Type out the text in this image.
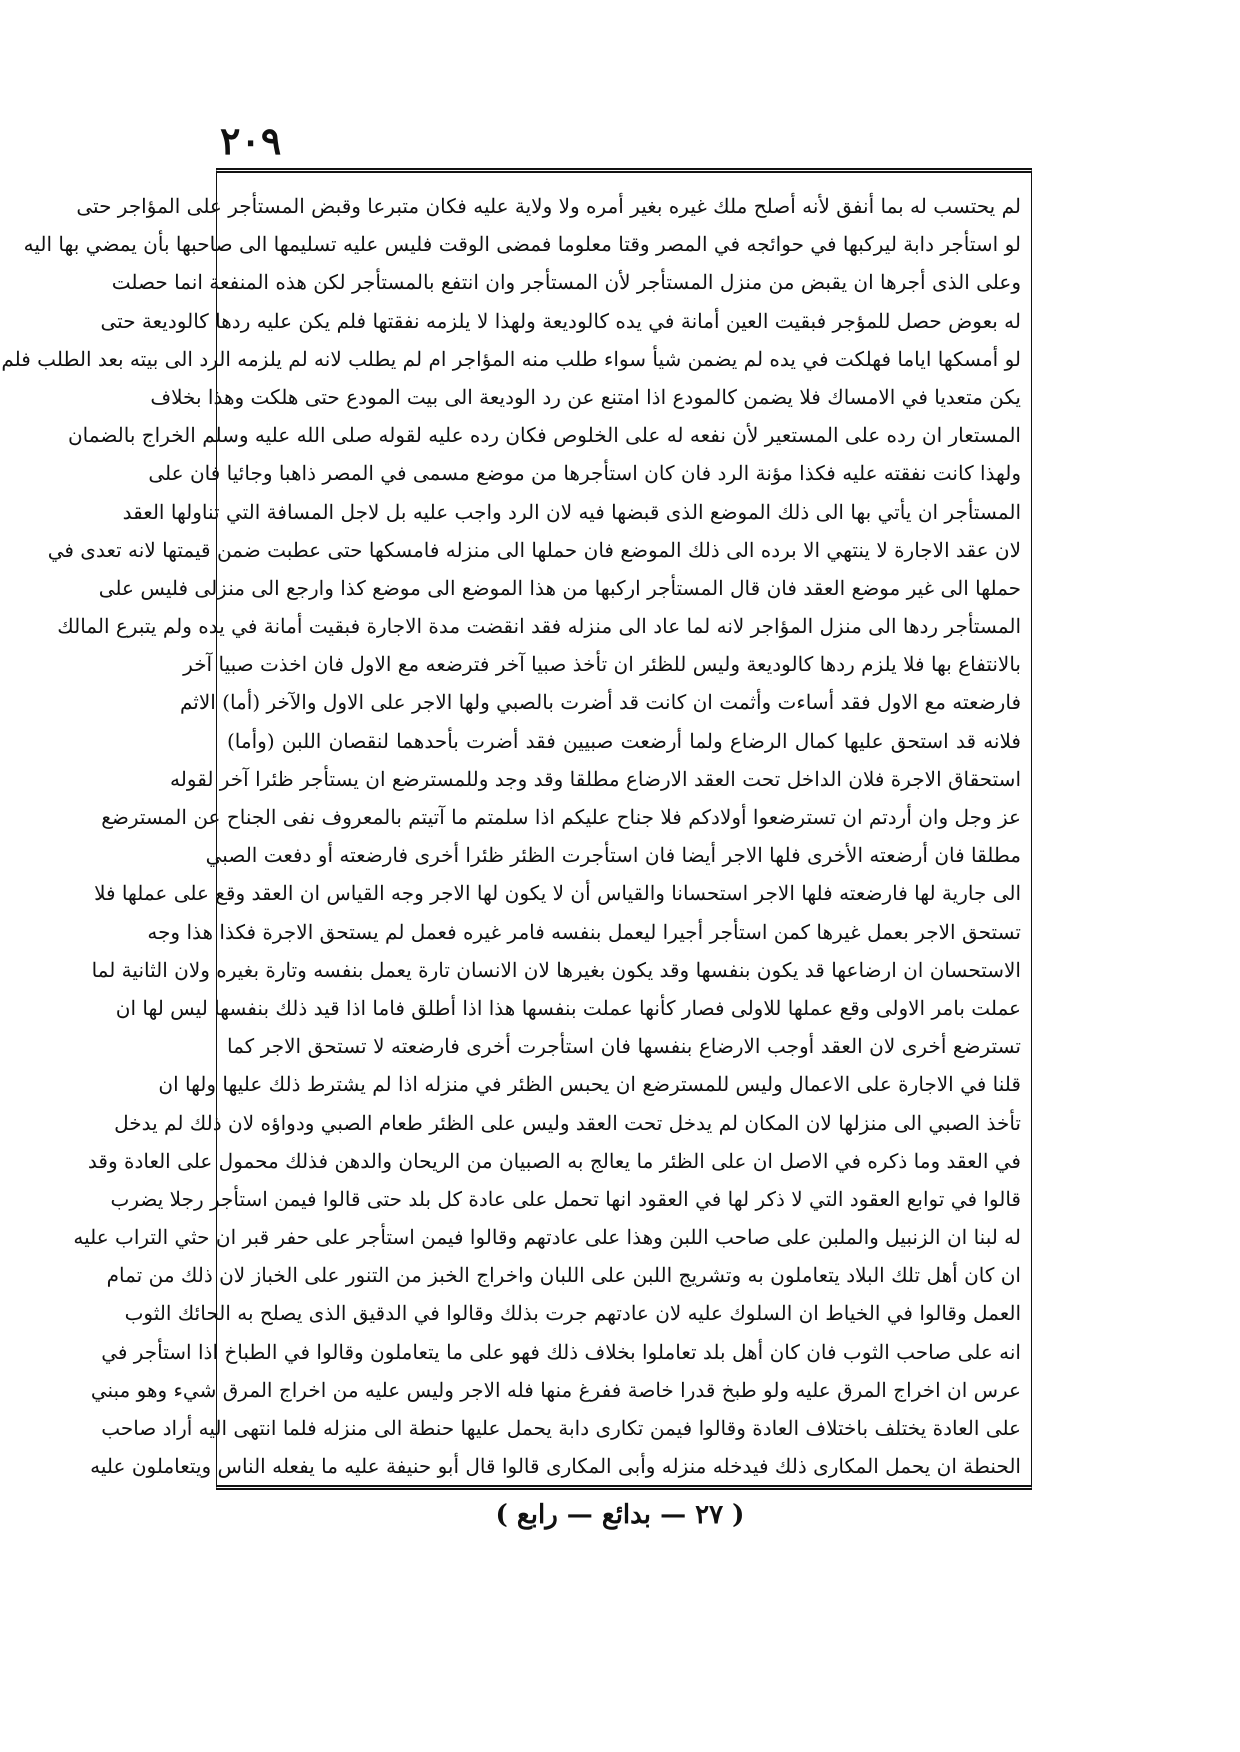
٢٠٩
لم يحتسب له بما أنفق لأنه أصلح ملك غيره بغير أمره ولا ولاية عليه فكان متبرعا وقبض المستأجر على المؤاجر حتى
لو استأجر دابة ليركبها في حوائجه في المصر وقتا معلوما فمضى الوقت فليس عليه تسليمها الى صاحبها بأن يمضي بها اليه
وعلى الذى أجرها ان يقبض من منزل المستأجر لأن المستأجر وان انتفع بالمستأجر لكن هذه المنفعة انما حصلت
له بعوض حصل للمؤجر فبقيت العين أمانة في يده كالوديعة ولهذا لا يلزمه نفقتها فلم يكن عليه ردها كالوديعة حتى
لو أمسكها اياما فهلكت في يده لم يضمن شيأ سواء طلب منه المؤاجر ام لم يطلب لانه لم يلزمه الرد الى بيته بعد الطلب فلم
يكن متعديا في الامساك فلا يضمن كالمودع اذا امتنع عن رد الوديعة الى بيت المودع حتى هلكت وهذا بخلاف
المستعار ان رده على المستعير لأن نفعه له على الخلوص فكان رده عليه لقوله صلى الله عليه وسلم الخراج بالضمان
ولهذا كانت نفقته عليه فكذا مؤنة الرد فان كان استأجرها من موضع مسمى في المصر ذاهبا وجائيا فان على
المستأجر ان يأتي بها الى ذلك الموضع الذى قبضها فيه لان الرد واجب عليه بل لاجل المسافة التي تناولها العقد
لان عقد الاجارة لا ينتهي الا برده الى ذلك الموضع فان حملها الى منزله فامسكها حتى عطبت ضمن قيمتها لانه تعدى في
حملها الى غير موضع العقد فان قال المستأجر اركبها من هذا الموضع الى موضع كذا وارجع الى منزلى فليس على
المستأجر ردها الى منزل المؤاجر لانه لما عاد الى منزله فقد انقضت مدة الاجارة فبقيت أمانة في يده ولم يتبرع المالك
بالانتفاع بها فلا يلزم ردها كالوديعة وليس للظئر ان تأخذ صبيا آخر فترضعه مع الاول فان اخذت صبيا آخر
فارضعته مع الاول فقد أساءت وأثمت ان كانت قد أضرت بالصبي ولها الاجر على الاول والآخر (أما) الاثم
فلانه قد استحق عليها كمال الرضاع ولما أرضعت صبيين فقد أضرت بأحدهما لنقصان اللبن (وأما)
استحقاق الاجرة فلان الداخل تحت العقد الارضاع مطلقا وقد وجد وللمسترضع ان يستأجر ظئرا آخر لقوله
عز وجل وان أردتم ان تسترضعوا أولادكم فلا جناح عليكم اذا سلمتم ما آتيتم بالمعروف نفى الجناح عن المسترضع
مطلقا فان أرضعته الأخرى فلها الاجر أيضا فان استأجرت الظئر ظئرا أخرى فارضعته أو دفعت الصبي
الى جارية لها فارضعته فلها الاجر استحسانا والقياس أن لا يكون لها الاجر وجه القياس ان العقد وقع على عملها فلا
تستحق الاجر بعمل غيرها كمن استأجر أجيرا ليعمل بنفسه فامر غيره فعمل لم يستحق الاجرة فكذا هذا وجه
الاستحسان ان ارضاعها قد يكون بنفسها وقد يكون بغيرها لان الانسان تارة يعمل بنفسه وتارة بغيره ولان الثانية لما
عملت بامر الاولى وقع عملها للاولى فصار كأنها عملت بنفسها هذا اذا أطلق فاما اذا قيد ذلك بنفسها ليس لها ان
تسترضع أخرى لان العقد أوجب الارضاع بنفسها فان استأجرت أخرى فارضعته لا تستحق الاجر كما
قلنا في الاجارة على الاعمال وليس للمسترضع ان يحبس الظئر في منزله اذا لم يشترط ذلك عليها ولها ان
تأخذ الصبي الى منزلها لان المكان لم يدخل تحت العقد وليس على الظئر طعام الصبي ودواؤه لان ذلك لم يدخل
في العقد وما ذكره في الاصل ان على الظئر ما يعالج به الصبيان من الريحان والدهن فذلك محمول على العادة وقد
قالوا في توابع العقود التي لا ذكر لها في العقود انها تحمل على عادة كل بلد حتى قالوا فيمن استأجر رجلا يضرب
له لبنا ان الزنبيل والملبن على صاحب اللبن وهذا على عادتهم وقالوا فيمن استأجر على حفر قبر ان حثي التراب عليه
ان كان أهل تلك البلاد يتعاملون به وتشريج اللبن على اللبان واخراج الخبز من التنور على الخباز لان ذلك من تمام
العمل وقالوا في الخياط ان السلوك عليه لان عادتهم جرت بذلك وقالوا في الدقيق الذى يصلح به الحائك الثوب
انه على صاحب الثوب فان كان أهل بلد تعاملوا بخلاف ذلك فهو على ما يتعاملون وقالوا في الطباخ اذا استأجر في
عرس ان اخراج المرق عليه ولو طبخ قدرا خاصة ففرغ منها فله الاجر وليس عليه من اخراج المرق شيء وهو مبني
على العادة يختلف باختلاف العادة وقالوا فيمن تكارى دابة يحمل عليها حنطة الى منزله فلما انتهى اليه أراد صاحب
الحنطة ان يحمل المكارى ذلك فيدخله منزله وأبى المكارى قالوا قال أبو حنيفة عليه ما يفعله الناس ويتعاملون عليه
( ٢٧ — بدائع — رابع )
